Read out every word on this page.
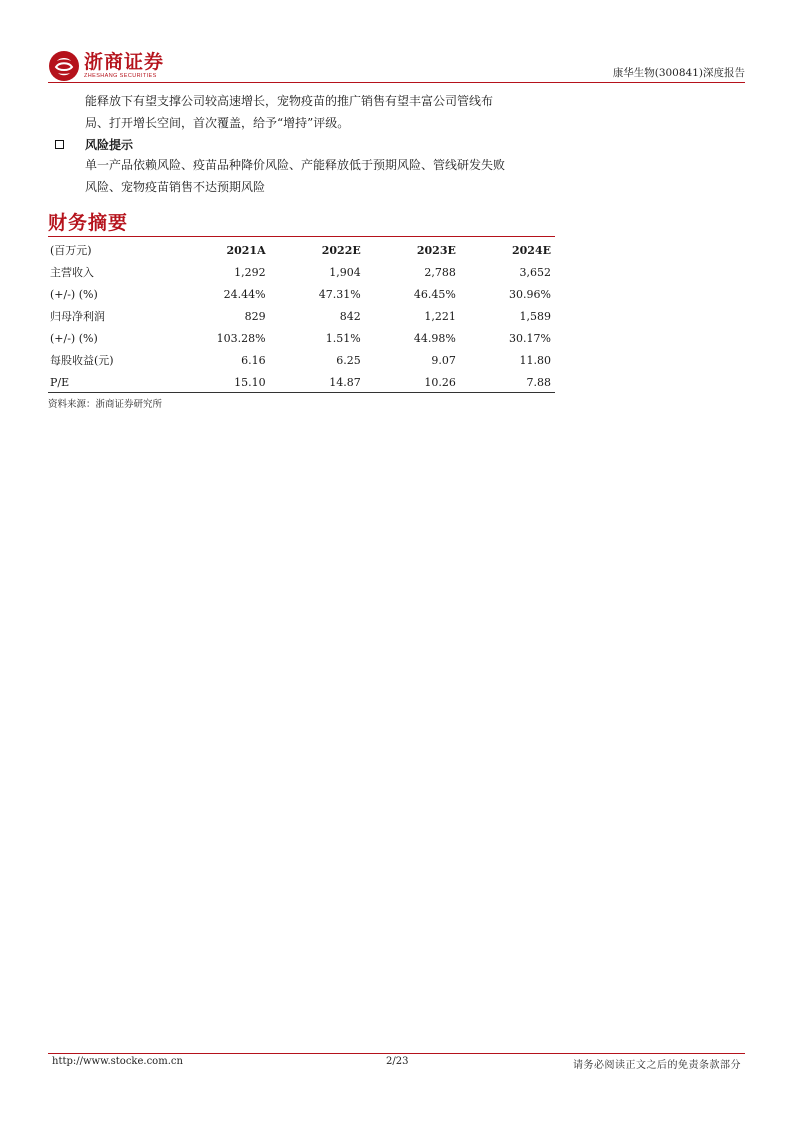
浙商证券
ZHESHANG SECURITIES	康华生物(300841)深度报告
能释放下有望支撑公司较高速增长，宠物疫苗的推广销售有望丰富公司管线布
局、打开增长空间，首次覆盖，给予“增持”评级。
风险提示
单一产品依赖风险、疫苗品种降价风险、产能释放低于预期风险、管线研发失败
风险、宠物疫苗销售不达预期风险
财务摘要
(百万元)	2021A	2022E	2023E	2024E
主营收入	1,292	1,904	2,788	3,652
(+/-) (%)	24.44%	47.31%	46.45%	30.96%
归母净利润	829	842	1,221	1,589
(+/-) (%)	103.28%	1.51%	44.98%	30.17%
每股收益(元)	6.16	6.25	9.07	11.80
P/E	15.10	14.87	10.26	7.88
资料来源：浙商证券研究所
http://www.stocke.com.cn	2/23	请务必阅读正文之后的免责条款部分
